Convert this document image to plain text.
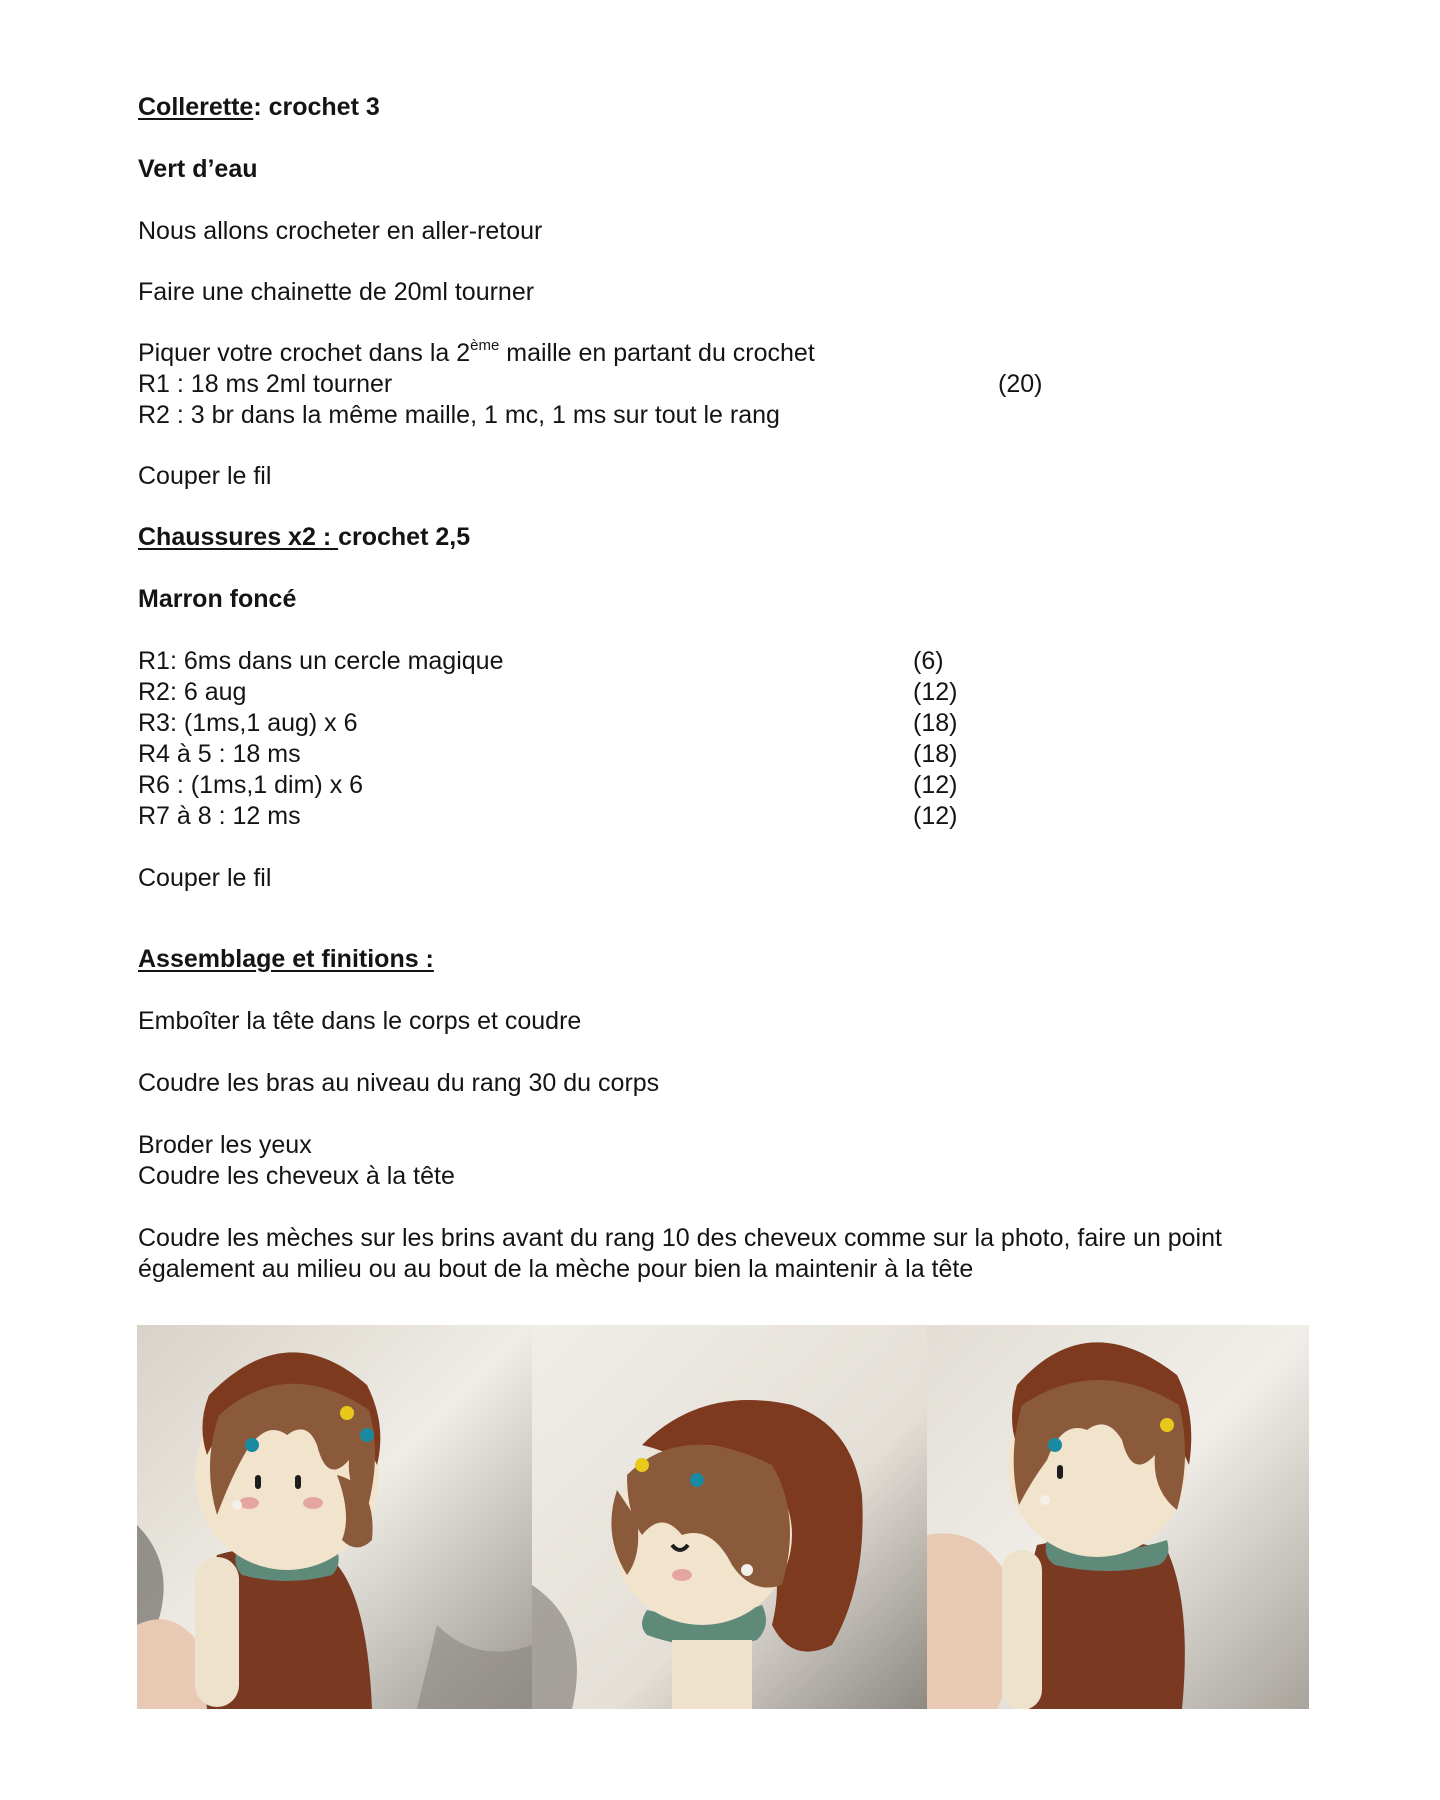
Collerette: crochet 3
Vert d’eau
Nous allons crocheter en aller-retour
Faire une chainette de 20ml tourner
Piquer votre crochet dans la 2ème maille en partant du crochet
R1 : 18 ms 2ml tourner	(20)
R2 : 3 br dans la même maille, 1 mc, 1 ms sur tout le rang
Couper le fil
Chaussures x2 : crochet 2,5
Marron foncé
R1: 6ms dans un cercle magique	(6)
R2: 6 aug	(12)
R3: (1ms,1 aug) x 6	(18)
R4 à 5 : 18 ms	(18)
R6 : (1ms,1 dim) x 6	(12)
R7 à 8 : 12 ms	(12)
Couper le fil
Assemblage et finitions :
Emboîter la tête dans le corps et coudre
Coudre les bras au niveau du rang 30 du corps
Broder les yeux
Coudre les cheveux à la tête
Coudre les mèches sur les brins avant du rang 10 des cheveux comme sur la photo, faire un point
également au milieu ou au bout de la mèche pour bien la maintenir à la tête
